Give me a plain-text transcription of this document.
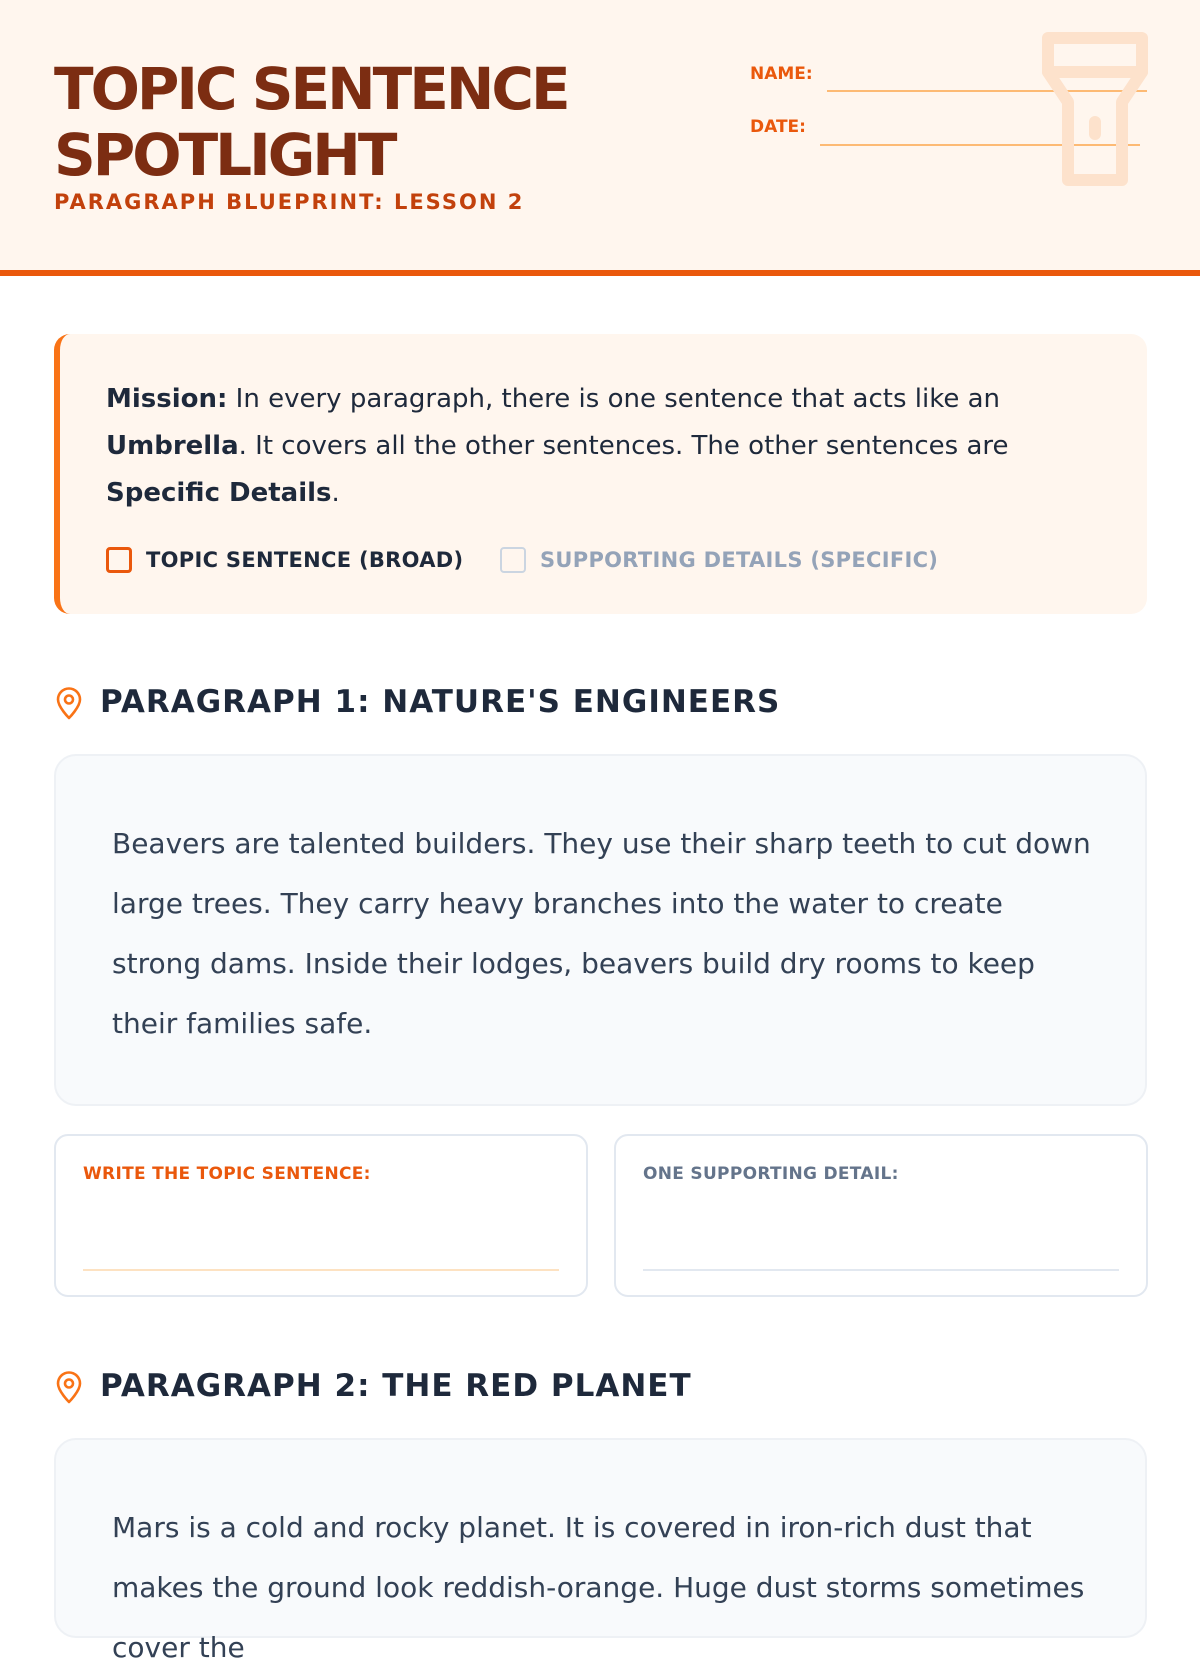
TOPIC SENTENCE SPOTLIGHT
PARAGRAPH BLUEPRINT: LESSON 2
NAME:
DATE:
Mission: In every paragraph, there is one sentence that acts like an Umbrella. It covers all the other sentences. The other sentences are Specific Details.
TOPIC SENTENCE (BROAD)	SUPPORTING DETAILS (SPECIFIC)
PARAGRAPH 1: NATURE'S ENGINEERS
Beavers are talented builders. They use their sharp teeth to cut down large trees. They carry heavy branches into the water to create strong dams. Inside their lodges, beavers build dry rooms to keep their families safe.
WRITE THE TOPIC SENTENCE:	ONE SUPPORTING DETAIL:
PARAGRAPH 2: THE RED PLANET
Mars is a cold and rocky planet. It is covered in iron-rich dust that makes the ground look reddish-orange. Huge dust storms sometimes cover the
